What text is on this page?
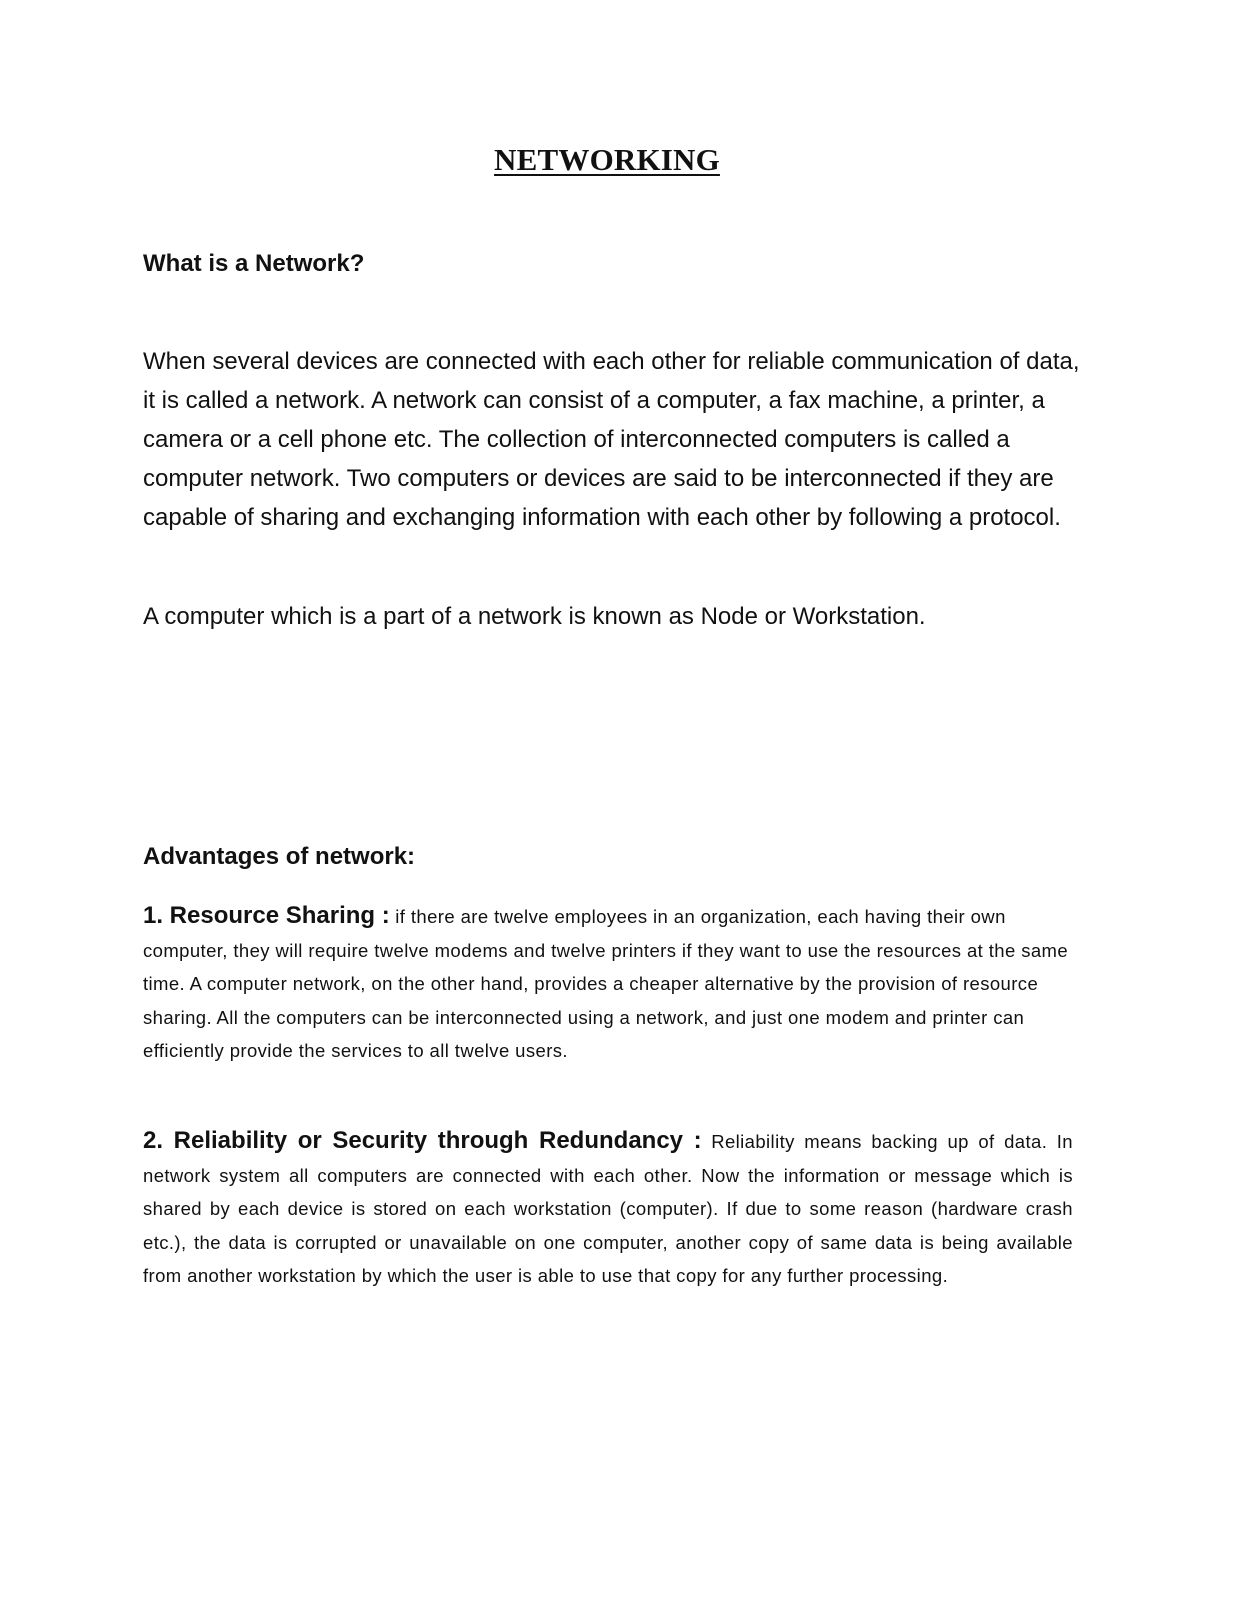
NETWORKING
What is a Network?

When several devices are connected with each other for reliable communication of data, it is called a network. A network can consist of a computer, a fax machine, a printer, a camera or a cell phone etc. The collection of interconnected computers is called a computer network. Two computers or devices are said to be interconnected if they are capable of sharing and exchanging information with each other by following a protocol.

A computer which is a part of a network is known as Node or Workstation.

Advantages of network:

1. Resource Sharing : if there are twelve employees in an organization, each having their own computer, they will require twelve modems and twelve printers if they want to use the resources at the same time. A computer network, on the other hand, provides a cheaper alternative by the provision of resource sharing. All the computers can be interconnected using a network, and just one modem and printer can efficiently provide the services to all twelve users.

2. Reliability or Security through Redundancy : Reliability means backing up of data. In network system all computers are connected with each other. Now the information or message which is shared by each device is stored on each workstation (computer). If due to some reason (hardware crash etc.), the data is corrupted or unavailable on one computer, another copy of same data is being available from another workstation by which the user is able to use that copy for any further processing.
